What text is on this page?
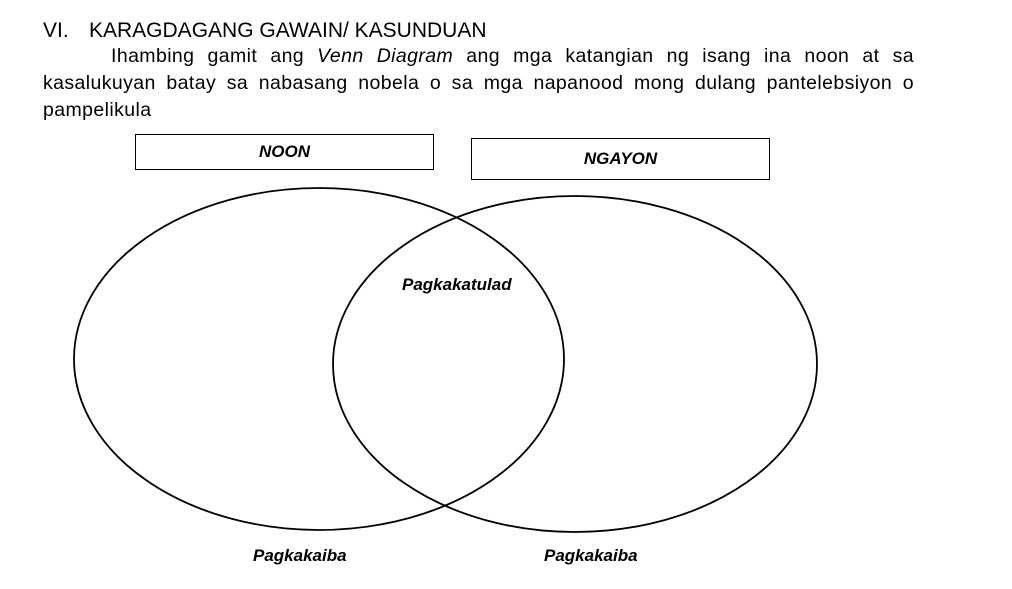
VI. KARAGDAGANG GAWAIN/ KASUNDUAN
Ihambing gamit ang Venn Diagram ang mga katangian ng isang ina noon at sa kasalukuyan batay sa nabasang nobela o sa mga napanood mong dulang pantelebsiyon o pampelikula
NOON	NGAYON
Pagkakatulad
Pagkakaiba	Pagkakaiba
